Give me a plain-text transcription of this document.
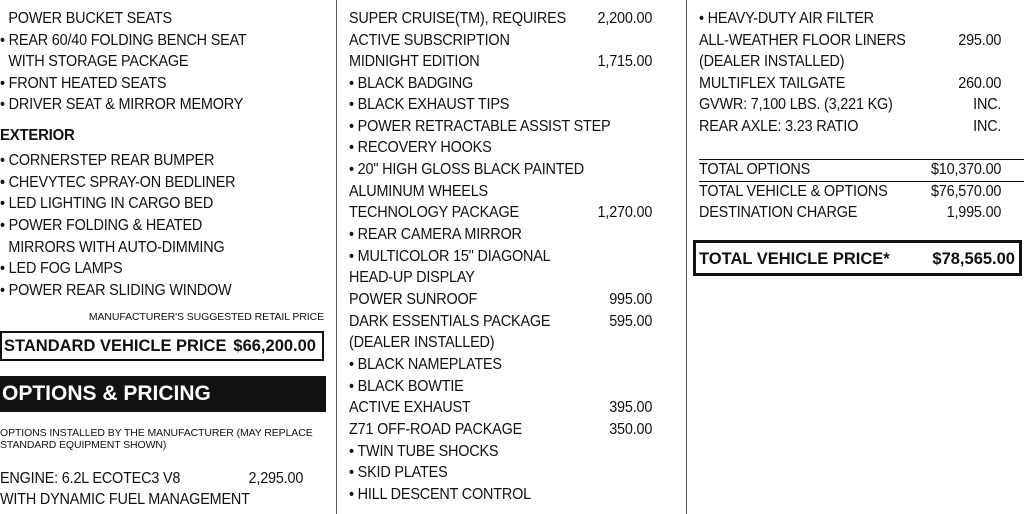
POWER BUCKET SEATS
• REAR 60/40 FOLDING BENCH SEAT
WITH STORAGE PACKAGE
• FRONT HEATED SEATS
• DRIVER SEAT & MIRROR MEMORY
EXTERIOR
• CORNERSTEP REAR BUMPER
• CHEVYTEC SPRAY-ON BEDLINER
• LED LIGHTING IN CARGO BED
• POWER FOLDING & HEATED
MIRRORS WITH AUTO-DIMMING
• LED FOG LAMPS
• POWER REAR SLIDING WINDOW
MANUFACTURER'S SUGGESTED RETAIL PRICE
STANDARD VEHICLE PRICE $66,200.00
OPTIONS & PRICING
OPTIONS INSTALLED BY THE MANUFACTURER (MAY REPLACE
STANDARD EQUIPMENT SHOWN)
ENGINE: 6.2L ECOTEC3 V8	2,295.00
WITH DYNAMIC FUEL MANAGEMENT
SUPER CRUISE(TM), REQUIRES 2,200.00
ACTIVE SUBSCRIPTION
MIDNIGHT EDITION	1,715.00
• BLACK BADGING
• BLACK EXHAUST TIPS
• POWER RETRACTABLE ASSIST STEP
• RECOVERY HOOKS
• 20" HIGH GLOSS BLACK PAINTED
ALUMINUM WHEELS
TECHNOLOGY PACKAGE	1,270.00
• REAR CAMERA MIRROR
• MULTICOLOR 15" DIAGONAL
HEAD-UP DISPLAY
POWER SUNROOF	995.00
DARK ESSENTIALS PACKAGE	595.00
(DEALER INSTALLED)
• BLACK NAMEPLATES
• BLACK BOWTIE
ACTIVE EXHAUST	395.00
Z71 OFF-ROAD PACKAGE	350.00
• TWIN TUBE SHOCKS
• SKID PLATES
• HILL DESCENT CONTROL
• HEAVY-DUTY AIR FILTER
ALL-WEATHER FLOOR LINERS	295.00
(DEALER INSTALLED)
MULTIFLEX TAILGATE	260.00
GVWR: 7,100 LBS. (3,221 KG)	INC.
REAR AXLE: 3.23 RATIO	INC.
TOTAL OPTIONS	$10,370.00
TOTAL VEHICLE & OPTIONS	$76,570.00
DESTINATION CHARGE	1,995.00
TOTAL VEHICLE PRICE*	$78,565.00
